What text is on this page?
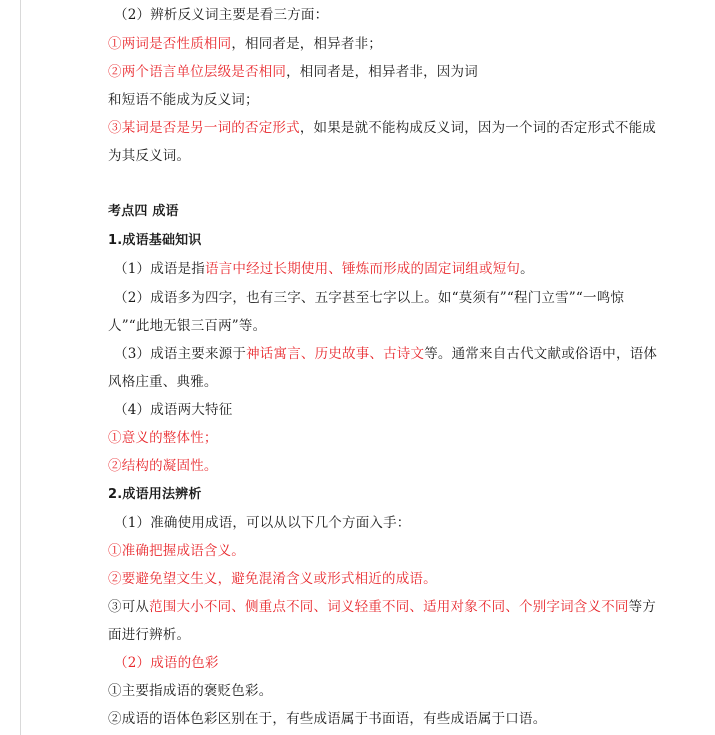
（2）辨析反义词主要是看三方面：
①两词是否性质相同，相同者是，相异者非；
②两个语言单位层级是否相同，相同者是，相异者非，因为词
和短语不能成为反义词；
③某词是否是另一词的否定形式，如果是就不能构成反义词，因为一个词的否定形式不能成
为其反义词。
考点四 成语
1.成语基础知识
（1）成语是指语言中经过长期使用、锤炼而形成的固定词组或短句。
（2）成语多为四字，也有三字、五字甚至七字以上。如“莫须有”“程门立雪”“一鸣惊
人”“此地无银三百两”等。
（3）成语主要来源于神话寓言、历史故事、古诗文等。通常来自古代文献或俗语中，语体
风格庄重、典雅。
（4）成语两大特征
①意义的整体性；
②结构的凝固性。
2.成语用法辨析
（1）准确使用成语，可以从以下几个方面入手：
①准确把握成语含义。
②要避免望文生义，避免混淆含义或形式相近的成语。
③可从范围大小不同、侧重点不同、词义轻重不同、适用对象不同、个别字词含义不同等方
面进行辨析。
（2）成语的色彩
①主要指成语的褒贬色彩。
②成语的语体色彩区别在于，有些成语属于书面语，有些成语属于口语。
